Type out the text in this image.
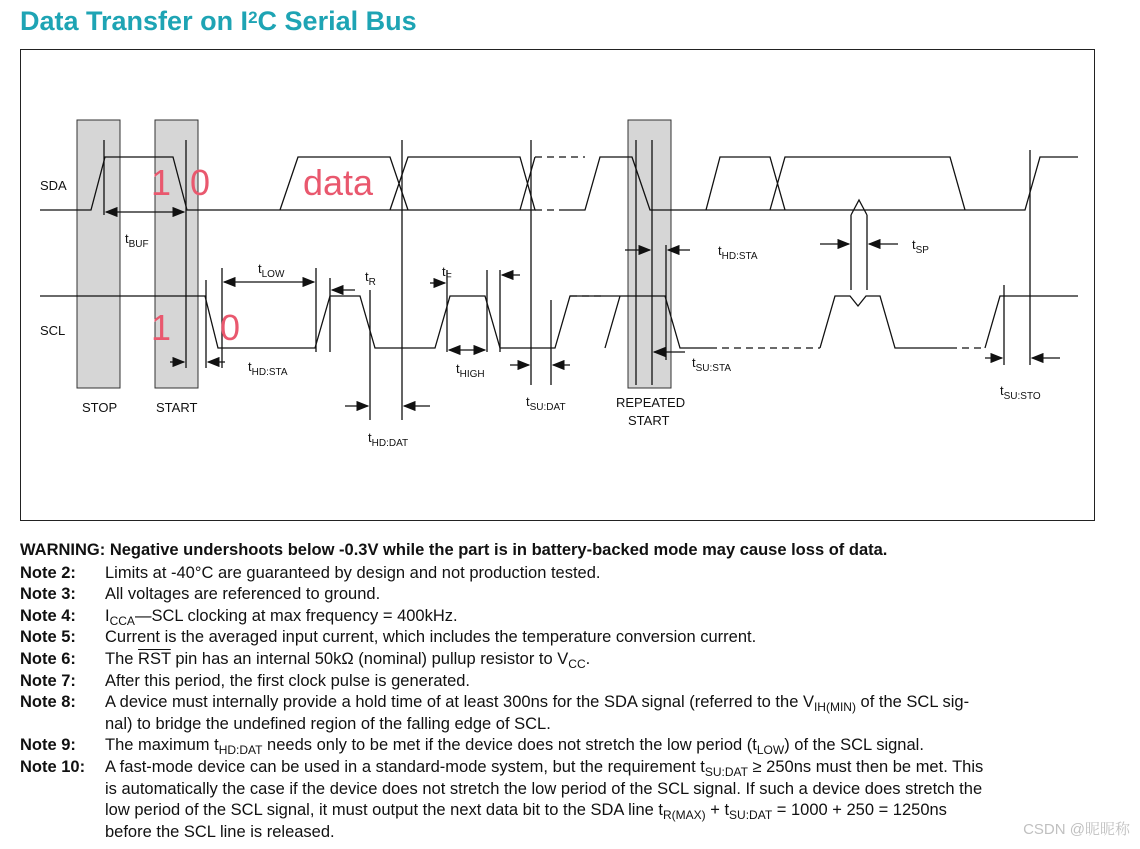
Data Transfer on $I^2C$ Serial Bus
SDA
SCL
STOP	START	REPEATED
START
$t_{BUF}$
$t_{LOW}$	$t_R$
$t_F$
$t_{HD:STA}$	$t_{HIGH}$
$t_{SU:DAT}$
$t_{HD:DAT}$
$t_{HD:STA}$
$t_{SP}$
$t_{SU:STA}$
$t_{SU:STO}$
1 0	data
1 0
WARNING: Negative undershoots below -0.3V while the part is in battery-backed mode may cause loss of data.
Note 2:	Limits at -40°C are guaranteed by design and not production tested.
Note 3:	All voltages are referenced to ground.
Note 4:	$I_{CCA}—SCL$ clocking at max frequency = 400kHz.
Note 5:	Current is the averaged input current, which includes the temperature conversion current.
Note 6:	The $\overline{RST}$ pin has an internal 50kΩ (nominal) pullup resistor to $V_{CC}$.
Note 7:	After this period, the first clock pulse is generated.
Note 8:	A device must internally provide a hold time of at least 300ns for the SDA signal (referred to the $V_{IH(MIN)}$ of the SCL sig-
nal) to bridge the undefined region of the falling edge of SCL.
Note 9:	The maximum $t_{HD:DAT}$ needs only to be met if the device does not stretch the low period $(t_{LOW})$ of the SCL signal.
Note 10:	A fast-mode device can be used in a standard-mode system, but the requirement $t_{SU:DAT} \ge 250ns$ must then be met. This
is automatically the case if the device does not stretch the low period of the SCL signal. If such a device does stretch the
low period of the SCL signal, it must output the next data bit to the SDA line $t_{R(MAX)} + t_{SU:DAT} = 1000 + 250 = 1250ns$
before the SCL line is released.	CSDN @昵昵称
